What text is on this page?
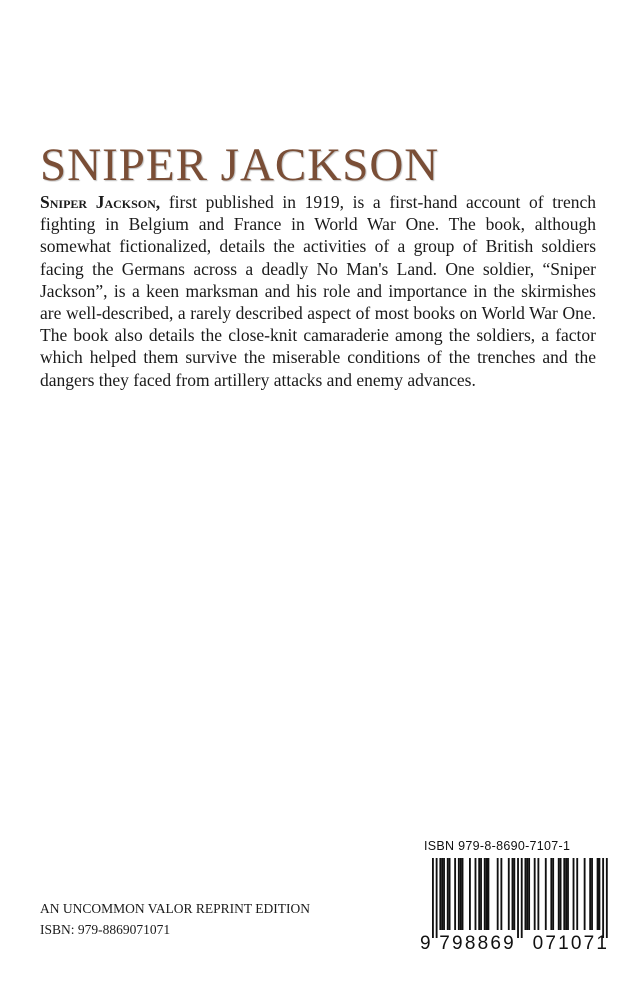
SNIPER JACKSON
Sniper Jackson, first published in 1919, is a first-hand account of trench fighting in Belgium and France in World War One. The book, although somewhat fictionalized, details the activities of a group of British soldiers facing the Germans across a deadly No Man's Land. One soldier, “Sniper Jackson”, is a keen marksman and his role and importance in the skirmishes are well-described, a rarely described aspect of most books on World War One. The book also details the close-knit camaraderie among the soldiers, a factor which helped them survive the miserable conditions of the trenches and the dangers they faced from artillery attacks and enemy advances.
AN UNCOMMON VALOR REPRINT EDITION
ISBN: 979-8869071071
ISBN 979-8-8690-7107-1
9 798869 071071
